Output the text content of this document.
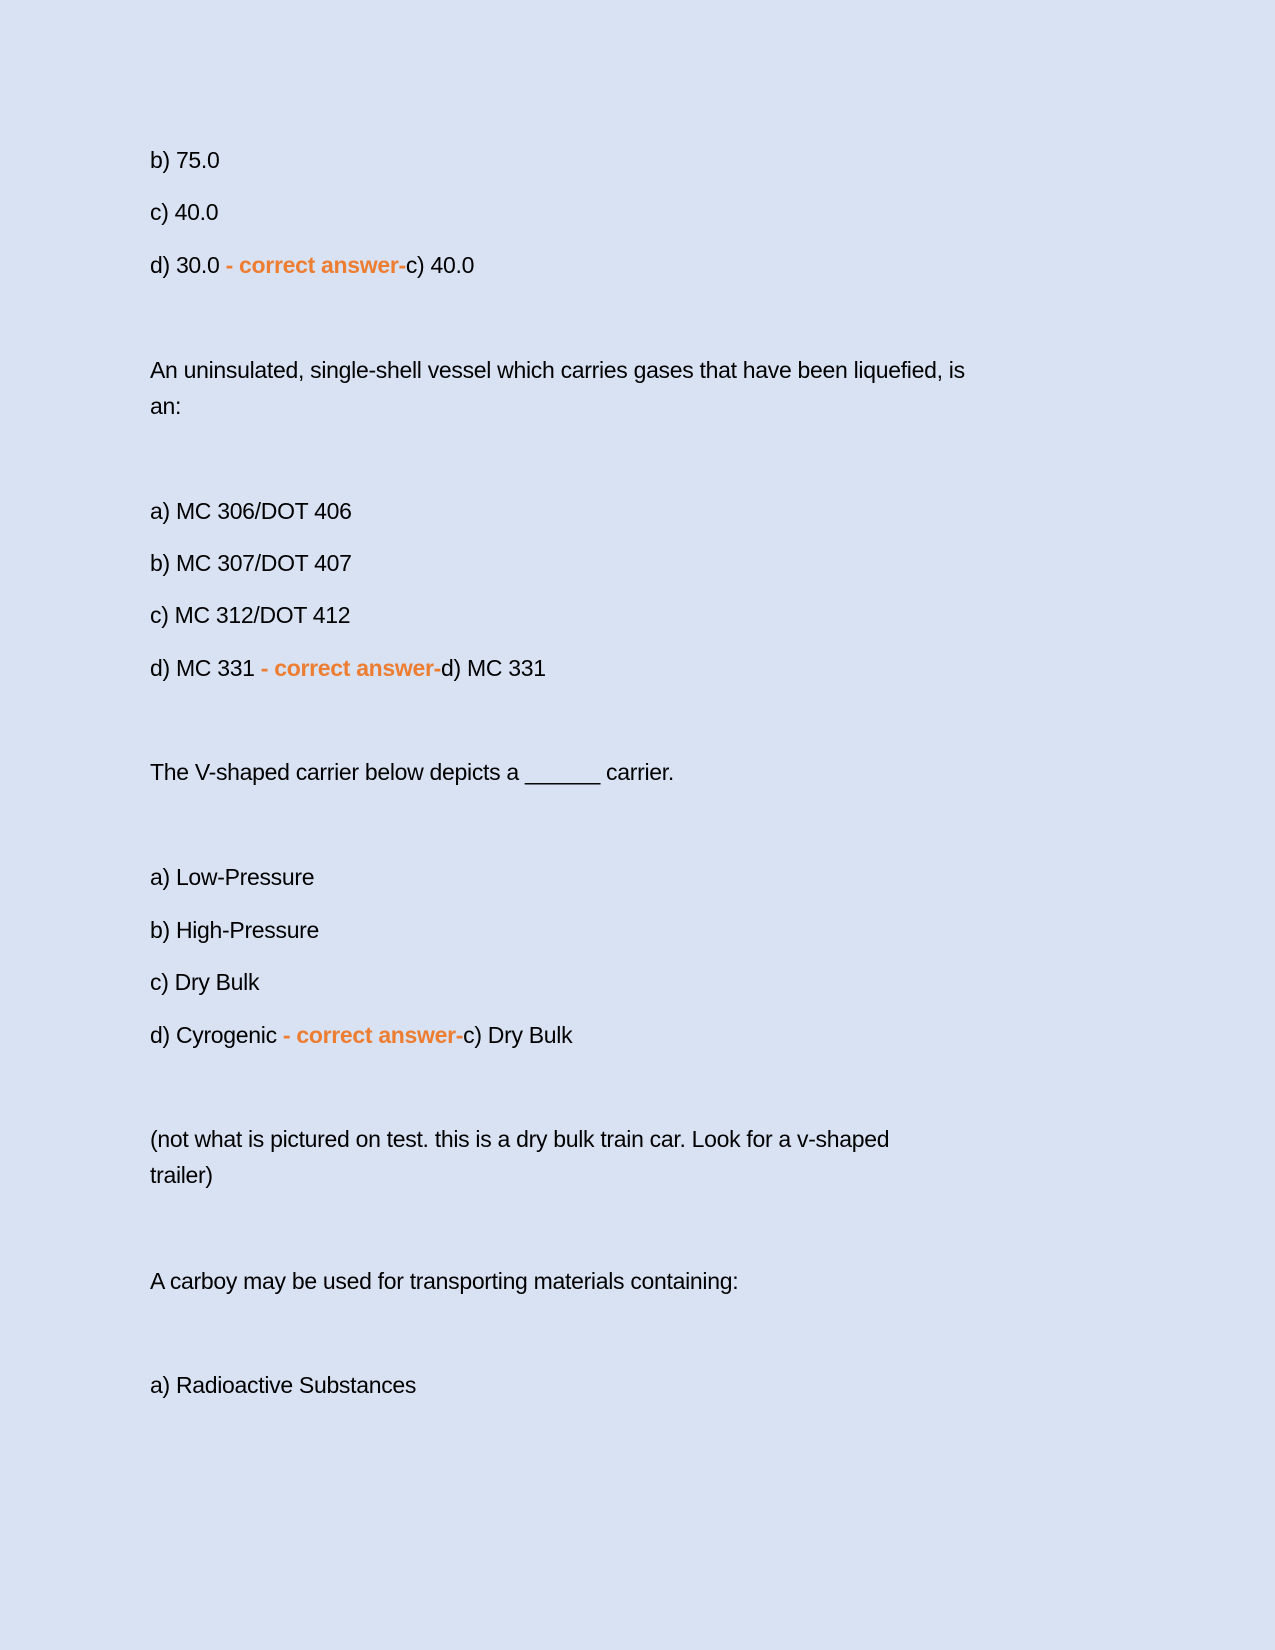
b) 75.0
c) 40.0
d) 30.0 - correct answer-c) 40.0
An uninsulated, single-shell vessel which carries gases that have been liquefied, is
an:
a) MC 306/DOT 406
b) MC 307/DOT 407
c) MC 312/DOT 412
d) MC 331 - correct answer-d) MC 331
The V-shaped carrier below depicts a ______ carrier.
a) Low-Pressure
b) High-Pressure
c) Dry Bulk
d) Cyrogenic - correct answer-c) Dry Bulk
(not what is pictured on test. this is a dry bulk train car. Look for a v-shaped
trailer)
A carboy may be used for transporting materials containing:
a) Radioactive Substances
